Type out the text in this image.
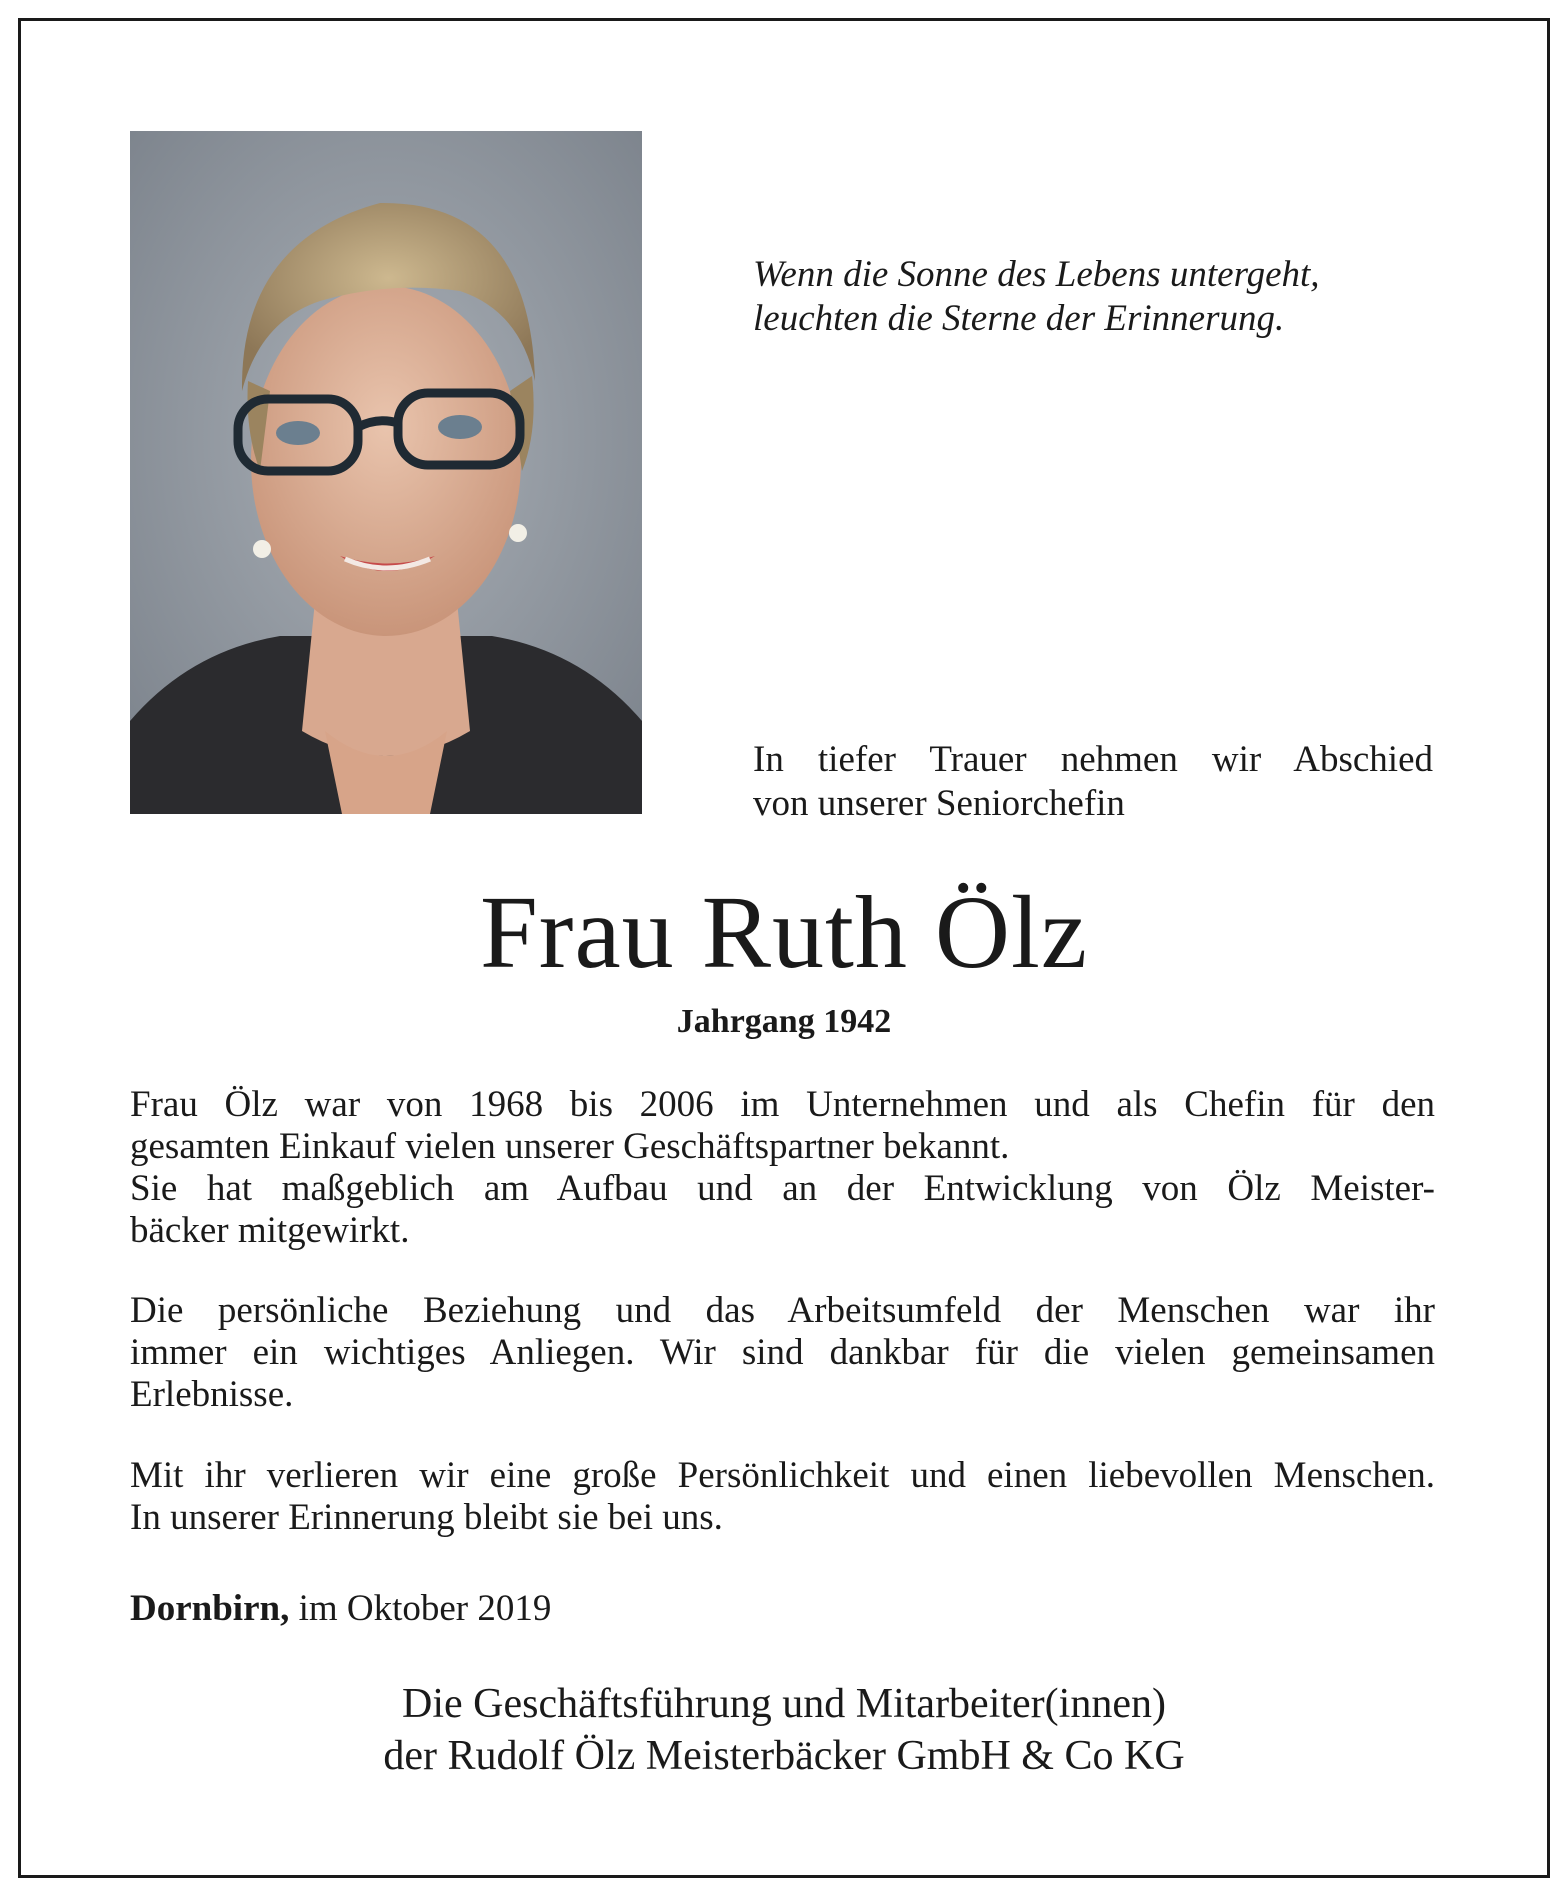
Wenn die Sonne des Lebens untergeht,
leuchten die Sterne der Erinnerung.
In tiefer Trauer nehmen wir Abschied
von unserer Seniorchefin
Frau Ruth Ölz
Jahrgang 1942
Frau Ölz war von 1968 bis 2006 im Unternehmen und als Chefin für den
gesamten Einkauf vielen unserer Geschäftspartner bekannt.
Sie hat maßgeblich am Aufbau und an der Entwicklung von Ölz Meister-
bäcker mitgewirkt.
Die persönliche Beziehung und das Arbeitsumfeld der Menschen war ihr
immer ein wichtiges Anliegen. Wir sind dankbar für die vielen gemeinsamen
Erlebnisse.
Mit ihr verlieren wir eine große Persönlichkeit und einen liebevollen Menschen.
In unserer Erinnerung bleibt sie bei uns.
Dornbirn, im Oktober 2019
Die Geschäftsführung und Mitarbeiter(innen)
der Rudolf Ölz Meisterbäcker GmbH & Co KG
